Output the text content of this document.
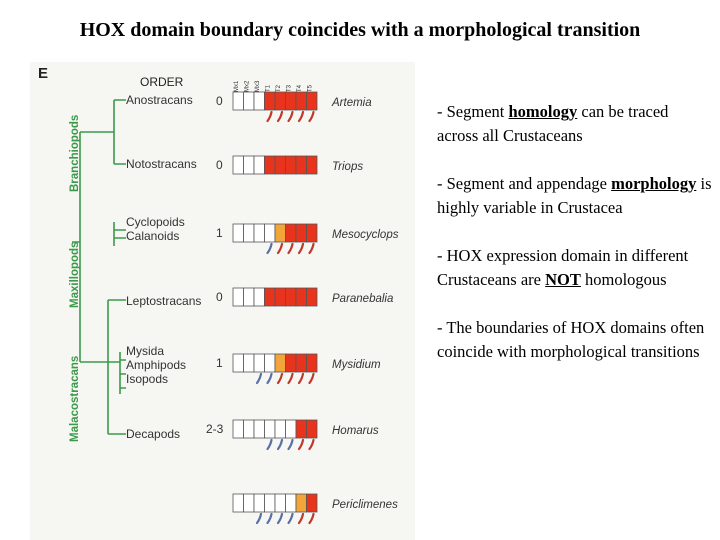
HOX domain boundary coincides with a morphological transition
E	ORDER	Mx1 Mx2 Mx3 T1 T2 T3 T4 T5
Branchiopods
Maxillopods
Malacostracans
Anostracans 0	Artemia
Notostracans 0	Triops
Cyclopoids
Calanoids	1	Mesocyclops
Leptostracans 0	Paranebalia
Mysida
Amphipods
Isopods
1	Mysidium
Decapods 2-3	Homarus
Periclimenes
- Segment homology can be traced across all Crustaceans
- Segment and appendage morphology is highly variable in Crustacea
- HOX expression domain in different Crustaceans are NOT homologous
- The boundaries of HOX domains often coincide with morphological transitions
